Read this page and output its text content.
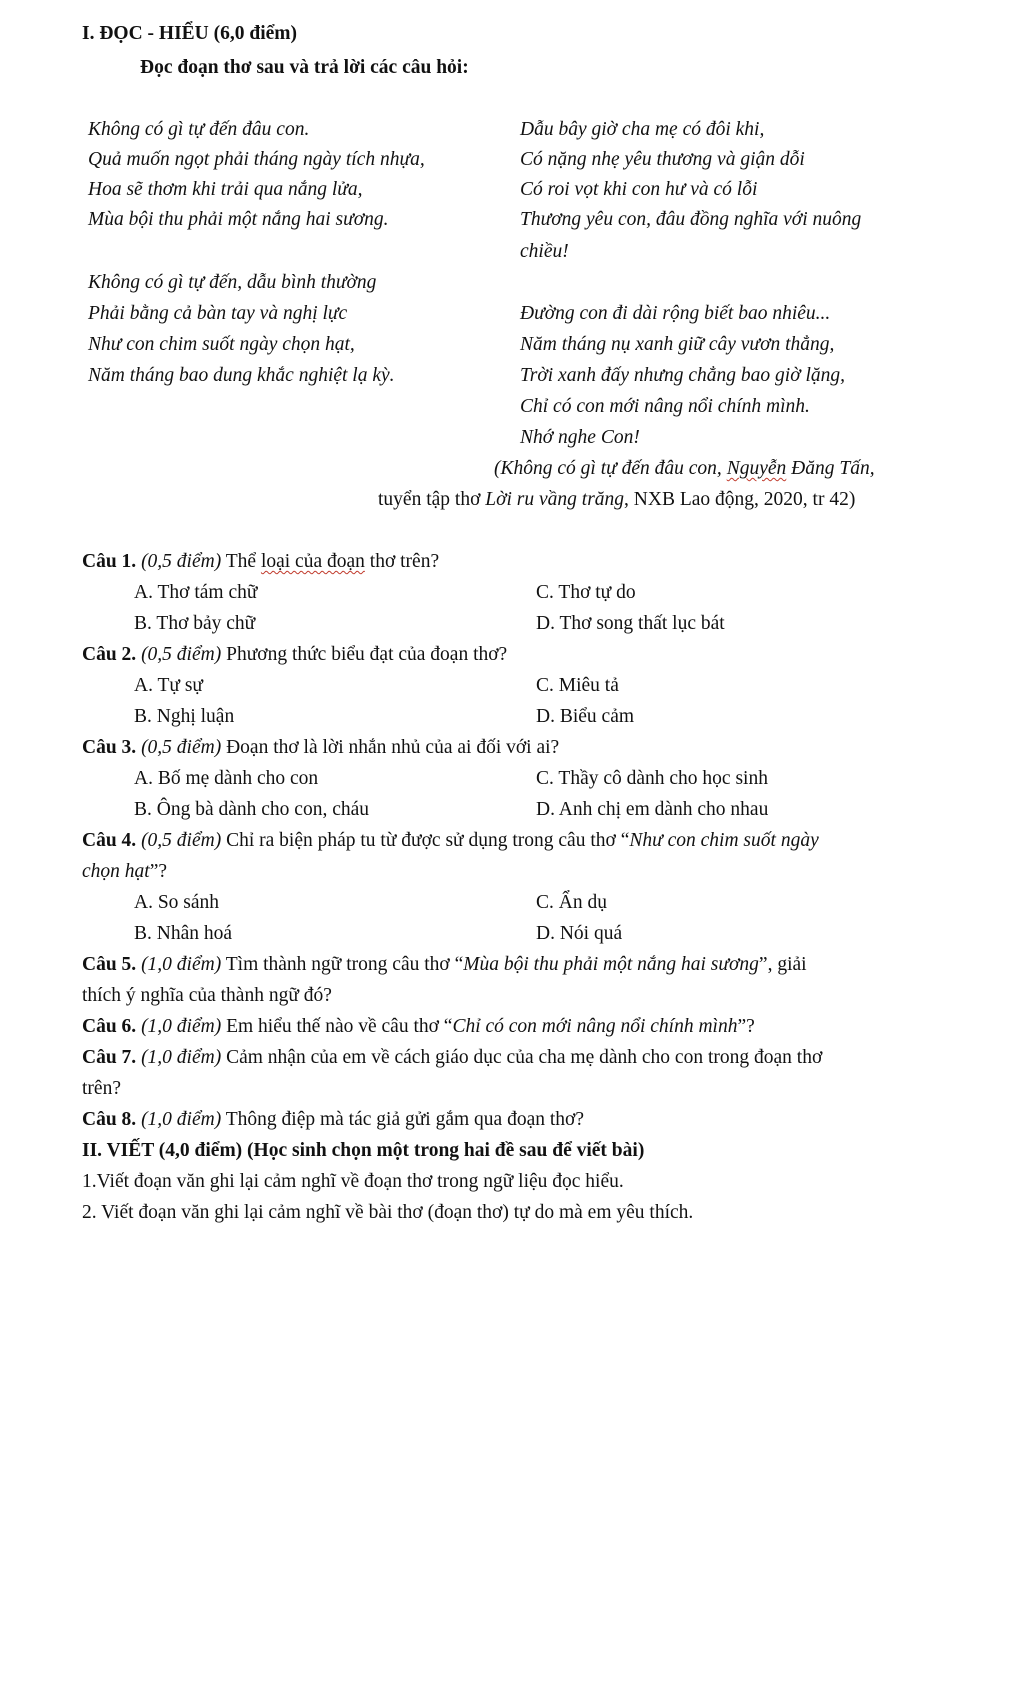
I. ĐỌC - HIỂU (6,0 điểm)
Đọc đoạn thơ sau và trả lời các câu hỏi:
Không có gì tự đến đâu con.
Quả muốn ngọt phải tháng ngày tích nhựa,
Hoa sẽ thơm khi trải qua nắng lửa,
Mùa bội thu phải một nắng hai sương.
Không có gì tự đến, dẫu bình thường
Phải bằng cả bàn tay và nghị lực
Như con chim suốt ngày chọn hạt,
Năm tháng bao dung khắc nghiệt lạ kỳ.
Dẫu bây giờ cha mẹ có đôi khi,
Có nặng nhẹ yêu thương và giận dỗi
Có roi vọt khi con hư và có lỗi
Thương yêu con, đâu đồng nghĩa với nuông
chiều!
Đường con đi dài rộng biết bao nhiêu...
Năm tháng nụ xanh giữ cây vươn thẳng,
Trời xanh đấy nhưng chẳng bao giờ lặng,
Chỉ có con mới nâng nổi chính mình.
Nhớ nghe Con!
(Không có gì tự đến đâu con, Nguyễn Đăng Tấn,
tuyển tập thơ Lời ru vầng trăng, NXB Lao động, 2020, tr 42)
Câu 1. (0,5 điểm) Thể loại của đoạn thơ trên?
A. Thơ tám chữ	C. Thơ tự do
B. Thơ bảy chữ	D. Thơ song thất lục bát
Câu 2. (0,5 điểm) Phương thức biểu đạt của đoạn thơ?
A. Tự sự	C. Miêu tả
B. Nghị luận	D. Biểu cảm
Câu 3. (0,5 điểm) Đoạn thơ là lời nhắn nhủ của ai đối với ai?
A. Bố mẹ dành cho con	C. Thầy cô dành cho học sinh
B. Ông bà dành cho con, cháu	D. Anh chị em dành cho nhau
Câu 4. (0,5 điểm) Chỉ ra biện pháp tu từ được sử dụng trong câu thơ “Như con chim suốt ngày
chọn hạt”?
A. So sánh	C. Ẩn dụ
B. Nhân hoá	D. Nói quá
Câu 5. (1,0 điểm) Tìm thành ngữ trong câu thơ “Mùa bội thu phải một nắng hai sương”, giải
thích ý nghĩa của thành ngữ đó?
Câu 6. (1,0 điểm) Em hiểu thế nào về câu thơ “Chỉ có con mới nâng nổi chính mình”?
Câu 7. (1,0 điểm) Cảm nhận của em về cách giáo dục của cha mẹ dành cho con trong đoạn thơ
trên?
Câu 8. (1,0 điểm) Thông điệp mà tác giả gửi gắm qua đoạn thơ?
II. VIẾT (4,0 điểm) (Học sinh chọn một trong hai đề sau để viết bài)
1.Viết đoạn văn ghi lại cảm nghĩ về đoạn thơ trong ngữ liệu đọc hiểu.
2. Viết đoạn văn ghi lại cảm nghĩ về bài thơ (đoạn thơ) tự do mà em yêu thích.
